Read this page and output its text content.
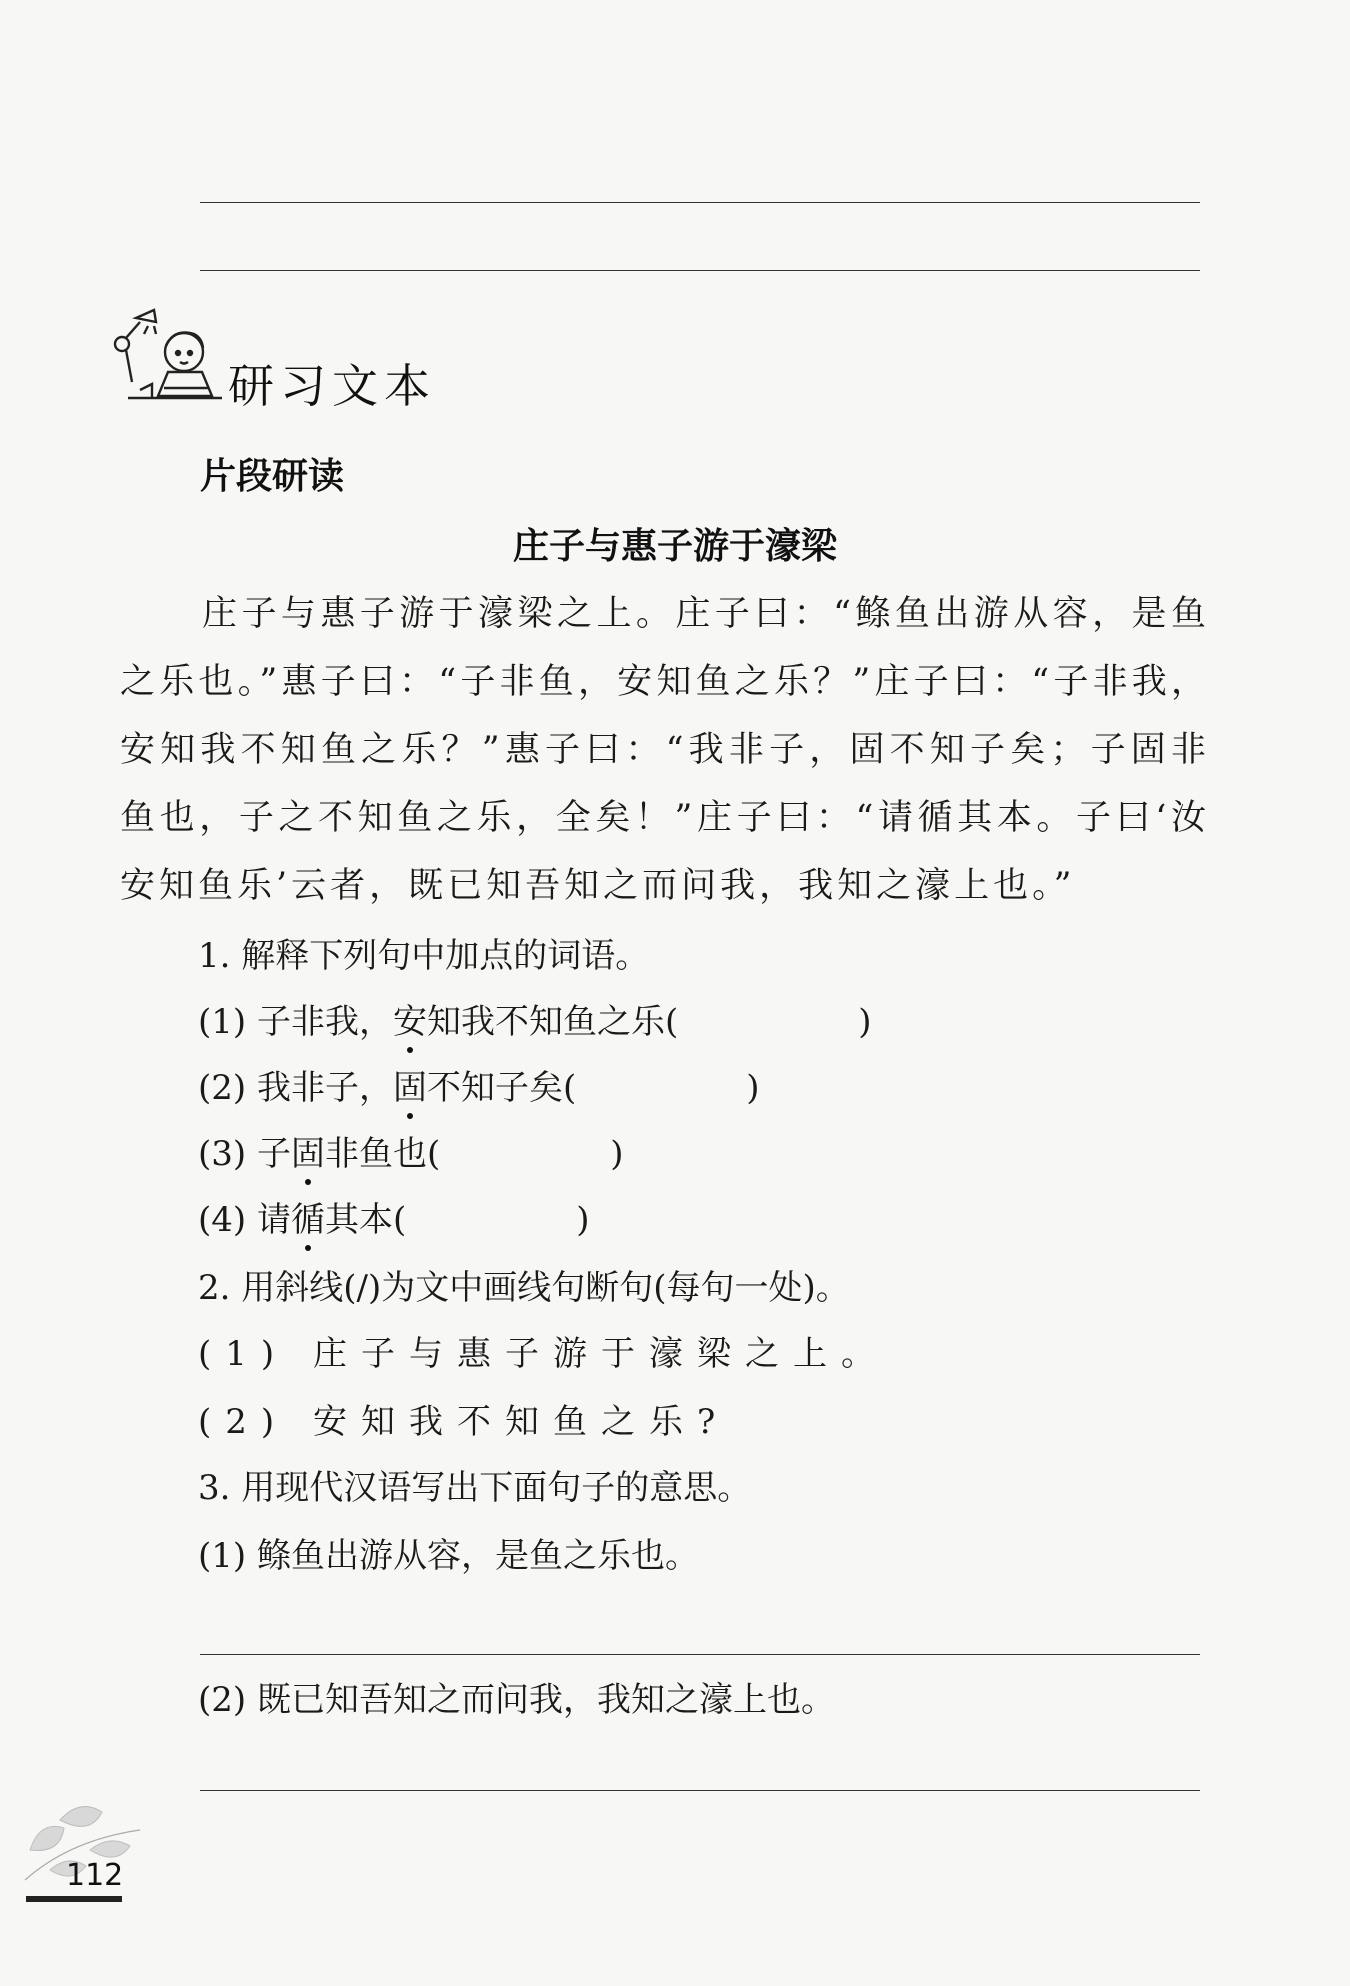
研习文本
片段研读
庄子与惠子游于濠梁
庄子与惠子游于濠梁之上。庄子曰：“鲦鱼出游从容，是鱼之乐也。”惠子曰：“子非鱼，安知鱼之乐？”庄子曰：“子非我，安知我不知鱼之乐？”惠子曰：“我非子，固不知子矣；子固非鱼也，子之不知鱼之乐，全矣！”庄子曰：“请循其本。子曰‘汝安知鱼乐’云者，既已知吾知之而问我，我知之濠上也。”
1. 解释下列句中加点的词语。
(1) 子非我，安知我不知鱼之乐(	)
(2) 我非子，固不知子矣(	)
(3) 子固非鱼也(	)
(4) 请循其本(	)
2. 用斜线(/)为文中画线句断句(每句一处)。
(1) 庄子与惠子游于濠梁之上。
(2) 安知我不知鱼之乐?
3. 用现代汉语写出下面句子的意思。
(1) 鲦鱼出游从容，是鱼之乐也。
(2) 既已知吾知之而问我，我知之濠上也。
112
